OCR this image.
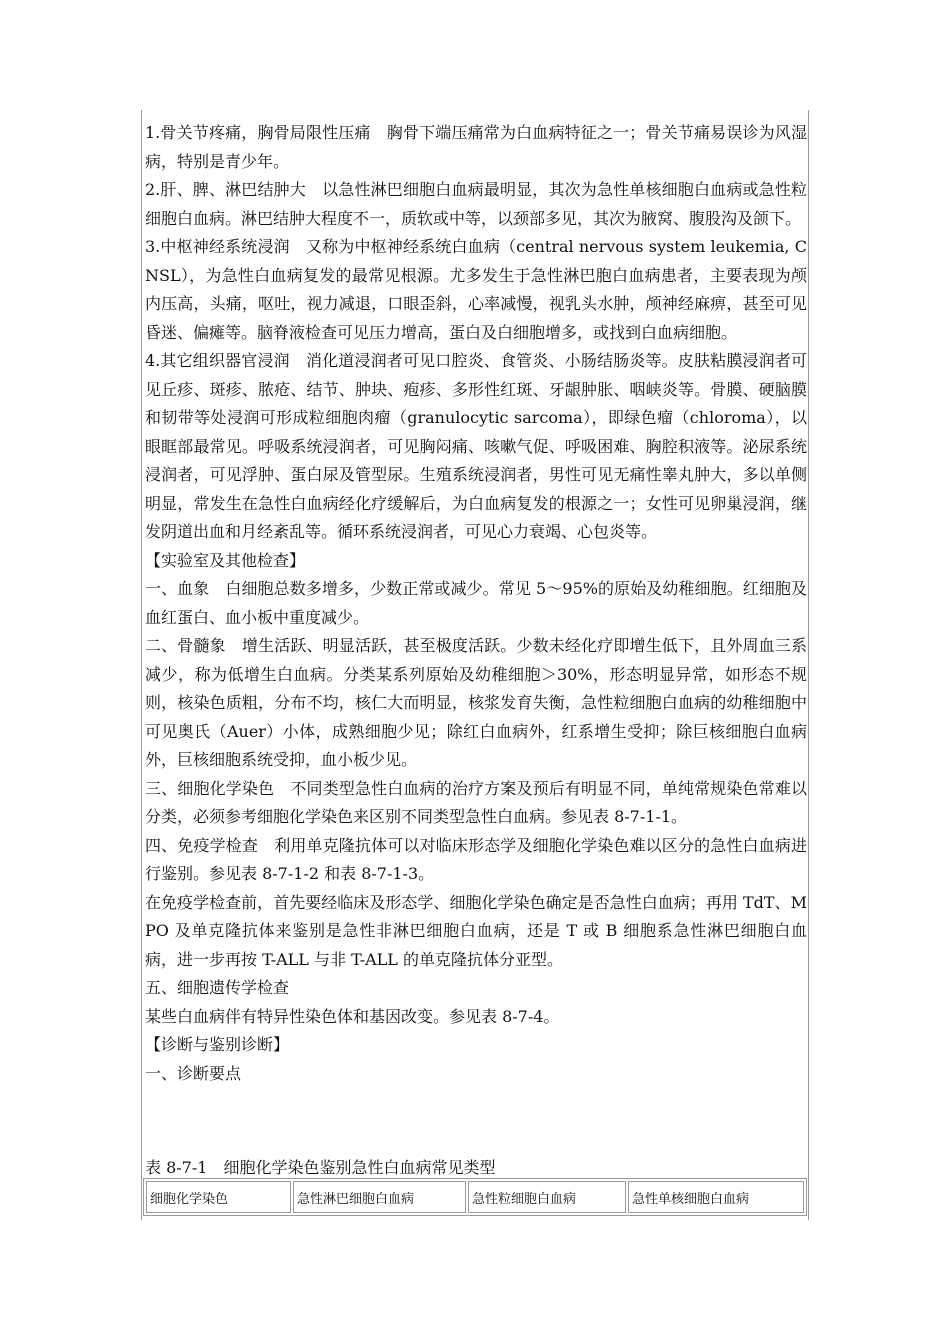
1.骨关节疼痛，胸骨局限性压痛　胸骨下端压痛常为白血病特征之一；骨关节痛易误诊为风湿病，特别是青少年。

2.肝、脾、淋巴结肿大　以急性淋巴细胞白血病最明显，其次为急性单核细胞白血病或急性粒细胞白血病。淋巴结肿大程度不一，质软或中等，以颈部多见，其次为腋窝、腹股沟及颌下。

3.中枢神经系统浸润　又称为中枢神经系统白血病（central nervous system leukemia, CNSL），为急性白血病复发的最常见根源。尤多发生于急性淋巴胞白血病患者，主要表现为颅内压高，头痛，呕吐，视力减退，口眼歪斜，心率减慢，视乳头水肿，颅神经麻痹，甚至可见昏迷、偏瘫等。脑脊液检查可见压力增高，蛋白及白细胞增多，或找到白血病细胞。

4.其它组织器官浸润　消化道浸润者可见口腔炎、食管炎、小肠结肠炎等。皮肤粘膜浸润者可见丘疹、斑疹、脓疮、结节、肿块、疱疹、多形性红斑、牙龈肿胀、咽峡炎等。骨膜、硬脑膜和韧带等处浸润可形成粒细胞肉瘤（granulocytic sarcoma），即绿色瘤（chloroma），以眼眶部最常见。呼吸系统浸润者，可见胸闷痛、咳嗽气促、呼吸困难、胸腔积液等。泌尿系统浸润者，可见浮肿、蛋白尿及管型尿。生殖系统浸润者，男性可见无痛性睾丸肿大，多以单侧明显，常发生在急性白血病经化疗缓解后，为白血病复发的根源之一；女性可见卵巢浸润，继发阴道出血和月经紊乱等。循环系统浸润者，可见心力衰竭、心包炎等。

【实验室及其他检查】

一、血象　白细胞总数多增多，少数正常或减少。常见 5～95%的原始及幼稚细胞。红细胞及血红蛋白、血小板中重度减少。

二、骨髓象　增生活跃、明显活跃，甚至极度活跃。少数未经化疗即增生低下，且外周血三系减少，称为低增生白血病。分类某系列原始及幼稚细胞＞30%，形态明显异常，如形态不规则，核染色质粗，分布不均，核仁大而明显，核浆发育失衡，急性粒细胞白血病的幼稚细胞中可见奥氏（Auer）小体，成熟细胞少见；除红白血病外，红系增生受抑；除巨核细胞白血病外，巨核细胞系统受抑，血小板少见。

三、细胞化学染色　不同类型急性白血病的治疗方案及预后有明显不同，单纯常规染色常难以分类，必须参考细胞化学染色来区别不同类型急性白血病。参见表 8-7-1-1。

四、免疫学检查　利用单克隆抗体可以对临床形态学及细胞化学染色难以区分的急性白血病进行鉴别。参见表 8-7-1-2 和表 8-7-1-3。

在免疫学检查前，首先要经临床及形态学、细胞化学染色确定是否急性白血病；再用 TdT、MPO 及单克隆抗体来鉴别是急性非淋巴细胞白血病，还是 T 或 B 细胞系急性淋巴细胞白血病，进一步再按 T-ALL 与非 T-ALL 的单克隆抗体分亚型。

五、细胞遗传学检查

某些白血病伴有特异性染色体和基因改变。参见表 8-7-4。

【诊断与鉴别诊断】

一、诊断要点

表 8-7-1　细胞化学染色鉴别急性白血病常见类型
细胞化学染色	急性淋巴细胞白血病	急性粒细胞白血病	急性单核细胞白血病
